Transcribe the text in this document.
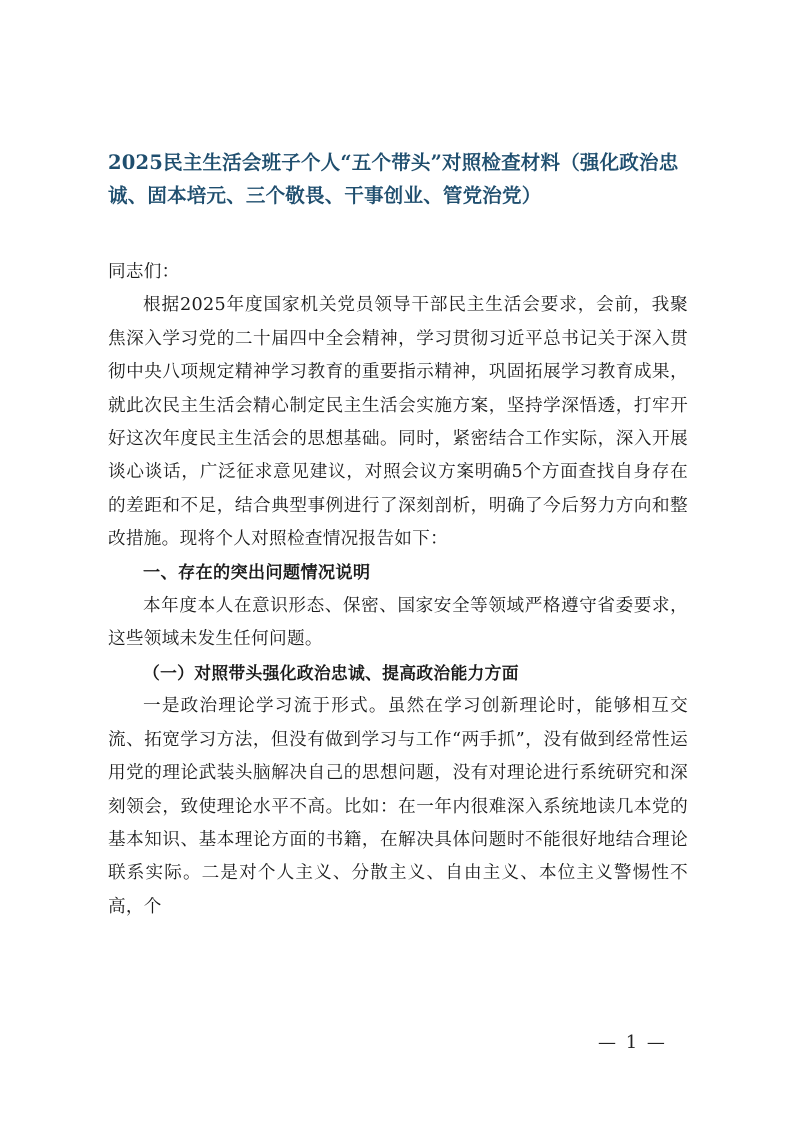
2025民主生活会班子个人“五个带头”对照检查材料（强化政治忠诚、固本培元、三个敬畏、干事创业、管党治党）

同志们：

根据2025年度国家机关党员领导干部民主生活会要求，会前，我聚焦深入学习党的二十届四中全会精神，学习贯彻习近平总书记关于深入贯彻中央八项规定精神学习教育的重要指示精神，巩固拓展学习教育成果，就此次民主生活会精心制定民主生活会实施方案，坚持学深悟透，打牢开好这次年度民主生活会的思想基础。同时，紧密结合工作实际，深入开展谈心谈话，广泛征求意见建议，对照会议方案明确5个方面查找自身存在的差距和不足，结合典型事例进行了深刻剖析，明确了今后努力方向和整改措施。现将个人对照检查情况报告如下：

一、存在的突出问题情况说明

本年度本人在意识形态、保密、国家安全等领域严格遵守省委要求，这些领域未发生任何问题。

（一）对照带头强化政治忠诚、提高政治能力方面

一是政治理论学习流于形式。虽然在学习创新理论时，能够相互交流、拓宽学习方法，但没有做到学习与工作“两手抓”，没有做到经常性运用党的理论武装头脑解决自己的思想问题，没有对理论进行系统研究和深刻领会，致使理论水平不高。比如：在一年内很难深入系统地读几本党的基本知识、基本理论方面的书籍，在解决具体问题时不能很好地结合理论联系实际。二是对个人主义、分散主义、自由主义、本位主义警惕性不高，个

— 1 —
